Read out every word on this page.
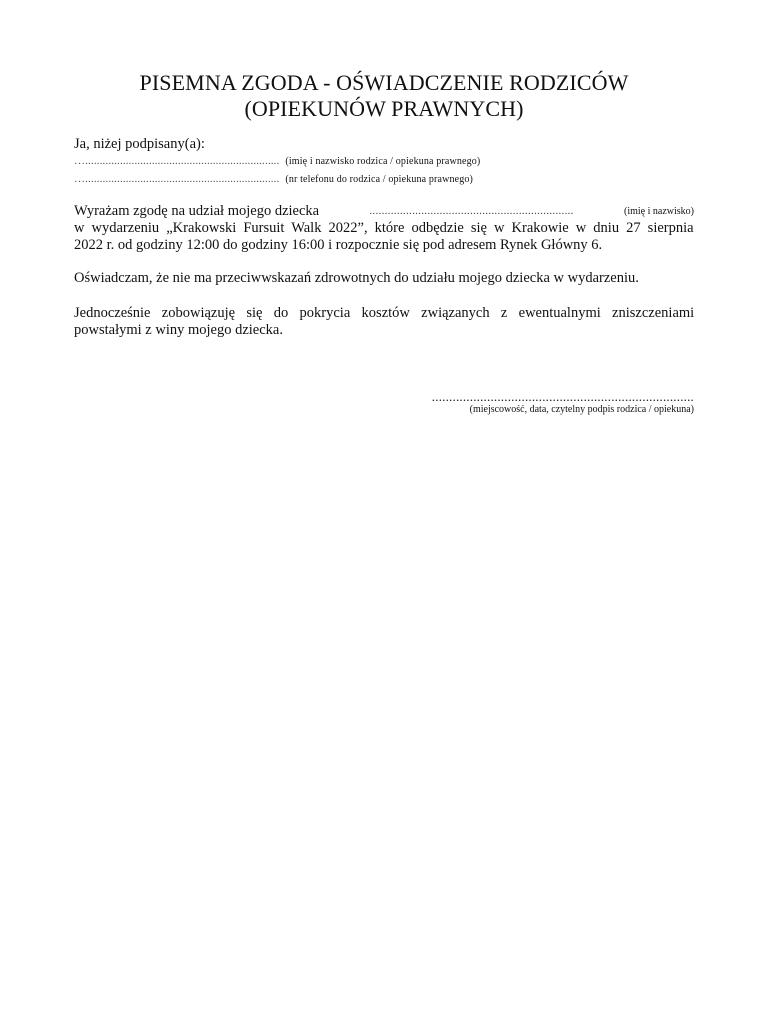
PISEMNA ZGODA - OŚWIADCZENIE RODZICÓW
(OPIEKUNÓW PRAWNYCH)
Ja, niżej podpisany(a):
…................................................................... (imię i nazwisko rodzica / opiekuna prawnego)
…................................................................... (nr telefonu do rodzica / opiekuna prawnego)
Wyrażam zgodę na udział mojego dziecka	...................................................................	(imię i nazwisko)
w wydarzeniu „Krakowski Fursuit Walk 2022”, które odbędzie się w Krakowie w dniu 27 sierpnia
2022 r. od godziny 12:00 do godziny 16:00 i rozpocznie się pod adresem Rynek Główny 6.
Oświadczam, że nie ma przeciwwskazań zdrowotnych do udziału mojego dziecka w wydarzeniu.
Jednocześnie zobowiązuję się do pokrycia kosztów związanych z ewentualnymi zniszczeniami
powstałymi z winy mojego dziecka.
............................................................................
(miejscowość, data, czytelny podpis rodzica / opiekuna)
